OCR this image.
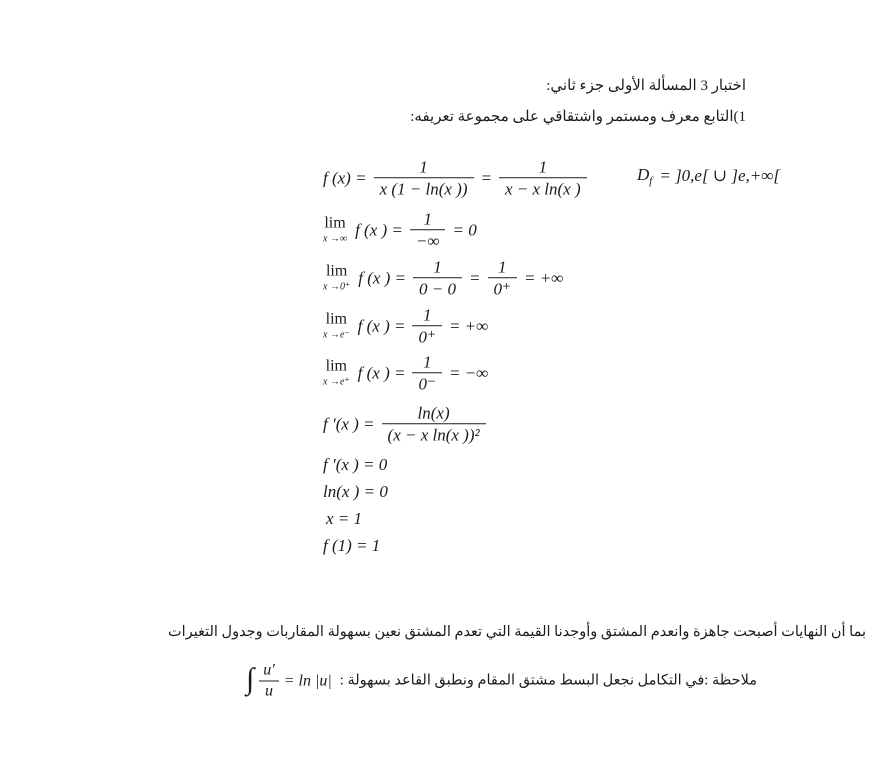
اختبار 3 المسألة الأولى جزء ثاني:
1)التابع معرف ومستمر واشتقاقي على مجموعة تعريفه:
f $(x) = \frac{1}{x (1 - \ln(x ))} = \frac{1}{\text{x − x ln(x )}}$	$D_f = ]0,e$[ ∪ ]e,+∞[
lim
x →∞ f (x ) = $\frac{1}{-\infty} = 0$
lim
x →0⁺ f (x ) = $\frac{1}{0 - 0} = \frac{1}{0^+}$ = +∞
lim
x →e⁻ f (x ) = $\frac{1}{0^+}$ = +∞
lim
x →e⁺ f (x ) = $\frac{1}{0^-}$ = −∞
f ′(x ) = $\frac{\ln(x)}{\text{(x − x ln(x ))²}}$
f ′(x ) = 0
ln(x ) = 0
x = 1
f (1) = 1
بما أن النهايات أصبحت جاهزة وانعدم المشتق وأوجدنا القيمة التي تعدم المشتق نعين بسهولة المقاربات وجدول التغيرات
ملاحظة :في التكامل نجعل البسط مشتق المقام ونطبق القاعد بسهولة :
∫ $\frac{u'}{u} = \ln |u|$
